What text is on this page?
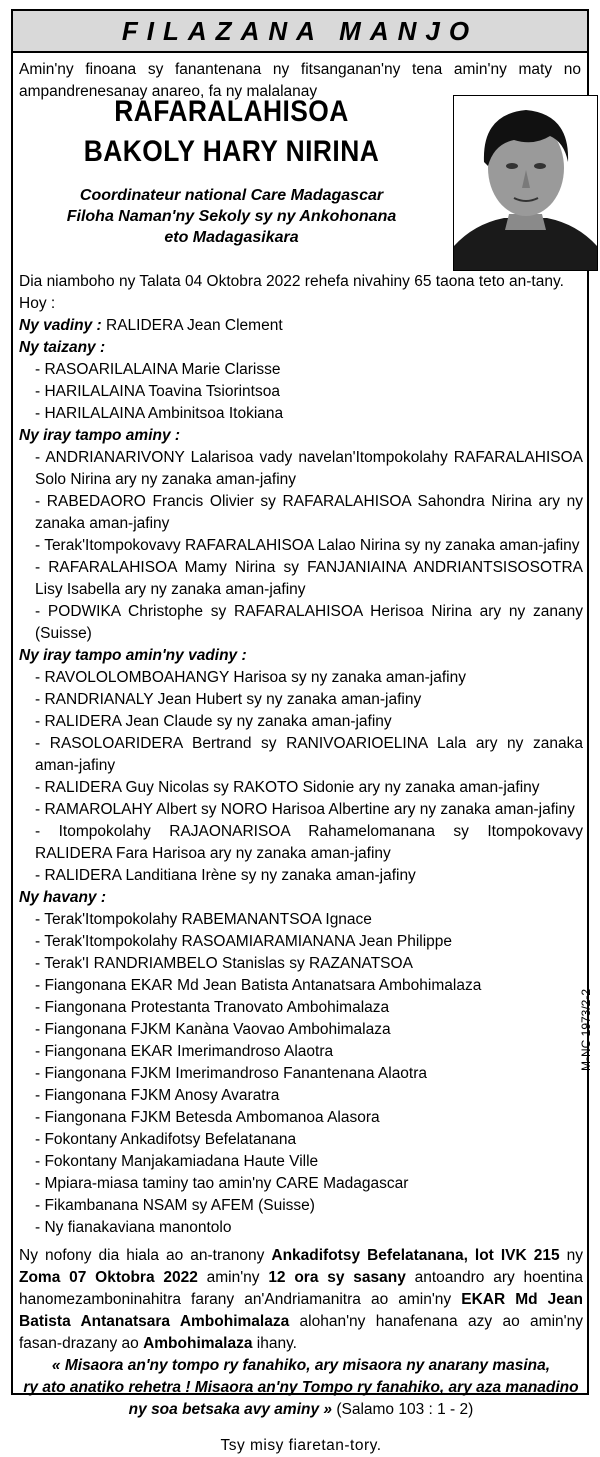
FILAZANA MANJO

Amin'ny finoana sy fanantenana ny fitsanganan'ny tena amin'ny maty no ampandrenesanay anareo, fa ny malalanay

RAFARALAHISOA
BAKOLY HARY NIRINA
Coordinateur national Care Madagascar
Filoha Naman'ny Sekoly sy ny Ankohonana
eto Madagasikara

Dia niamboho ny Talata 04 Oktobra 2022 rehefa nivahiny 65 taona teto an-tany.

Hoy :

Ny vadiny : RALIDERA Jean Clement

Ny taizany :

- RASOARILALAINA Marie Clarisse

- HARILALAINA Toavina Tsiorintsoa

- HARILALAINA Ambinitsoa Itokiana

Ny iray tampo aminy :

- ANDRIANARIVONY Lalarisoa vady navelan'Itompokolahy RAFARALAHISOA Solo Nirina ary ny zanaka aman-jafiny

- RABEDAORO Francis Olivier sy RAFARALAHISOA Sahondra Nirina ary ny zanaka aman-jafiny

- Terak'Itompokovavy RAFARALAHISOA Lalao Nirina sy ny zanaka aman-jafiny

- RAFARALAHISOA Mamy Nirina sy FANJANIAINA ANDRIANTSISOSOTRA Lisy Isabella ary ny zanaka aman-jafiny

- PODWIKA Christophe sy RAFARALAHISOA Herisoa Nirina ary ny zanany (Suisse)

Ny iray tampo amin'ny vadiny :

- RAVOLOLOMBOAHANGY Harisoa sy ny zanaka aman-jafiny

- RANDRIANALY Jean Hubert sy ny zanaka aman-jafiny

- RALIDERA Jean Claude sy ny zanaka aman-jafiny

- RASOLOARIDERA Bertrand sy RANIVOARIOELINA Lala ary ny zanaka aman-jafiny

- RALIDERA Guy Nicolas sy RAKOTO Sidonie ary ny zanaka aman-jafiny

- RAMAROLAHY Albert sy NORO Harisoa Albertine ary ny zanaka aman-jafiny

- Itompokolahy RAJAONARISOA Rahamelomanana sy Itompokovavy RALIDERA Fara Harisoa ary ny zanaka aman-jafiny

- RALIDERA Landitiana Irène sy ny zanaka aman-jafiny

Ny havany :

- Terak'Itompokolahy RABEMANANTSOA Ignace

- Terak'Itompokolahy RASOAMIARAMIANANA Jean Philippe

- Terak'I RANDRIAMBELO Stanislas sy RAZANATSOA

- Fiangonana EKAR Md Jean Batista Antanatsara Ambohimalaza

- Fiangonana Protestanta Tranovato Ambohimalaza

- Fiangonana FJKM Kanàna Vaovao Ambohimalaza

- Fiangonana EKAR Imerimandroso Alaotra

- Fiangonana FJKM Imerimandroso Fanantenana Alaotra

- Fiangonana FJKM Anosy Avaratra

- Fiangonana FJKM Betesda Ambomanoa Alasora

- Fokontany Ankadifotsy Befelatanana

- Fokontany Manjakamiadana Haute Ville

- Mpiara-miasa taminy tao amin'ny CARE Madagascar

- Fikambanana NSAM sy AFEM (Suisse)

- Ny fianakaviana manontolo

Ny nofony dia hiala ao an-tranony Ankadifotsy Befelatanana, lot IVK 215 ny Zoma 07 Oktobra 2022 amin'ny 12 ora sy sasany antoandro ary hoentina hanomezamboninahitra farany an'Andriamanitra ao amin'ny EKAR Md Jean Batista Antanatsara Ambohimalaza alohan'ny hanafenana azy ao amin'ny fasan-drazany ao Ambohimalaza ihany.

« Misaora an'ny tompo ry fanahiko, ary misaora ny anarany masina,
ry ato anatiko rehetra ! Misaora an'ny Tompo ry fanahiko, ary aza manadino
ny soa betsaka avy aminy » (Salamo 103 : 1 - 2)

Tsy misy fiaretan-tory.

M-NC 1973/2-2
